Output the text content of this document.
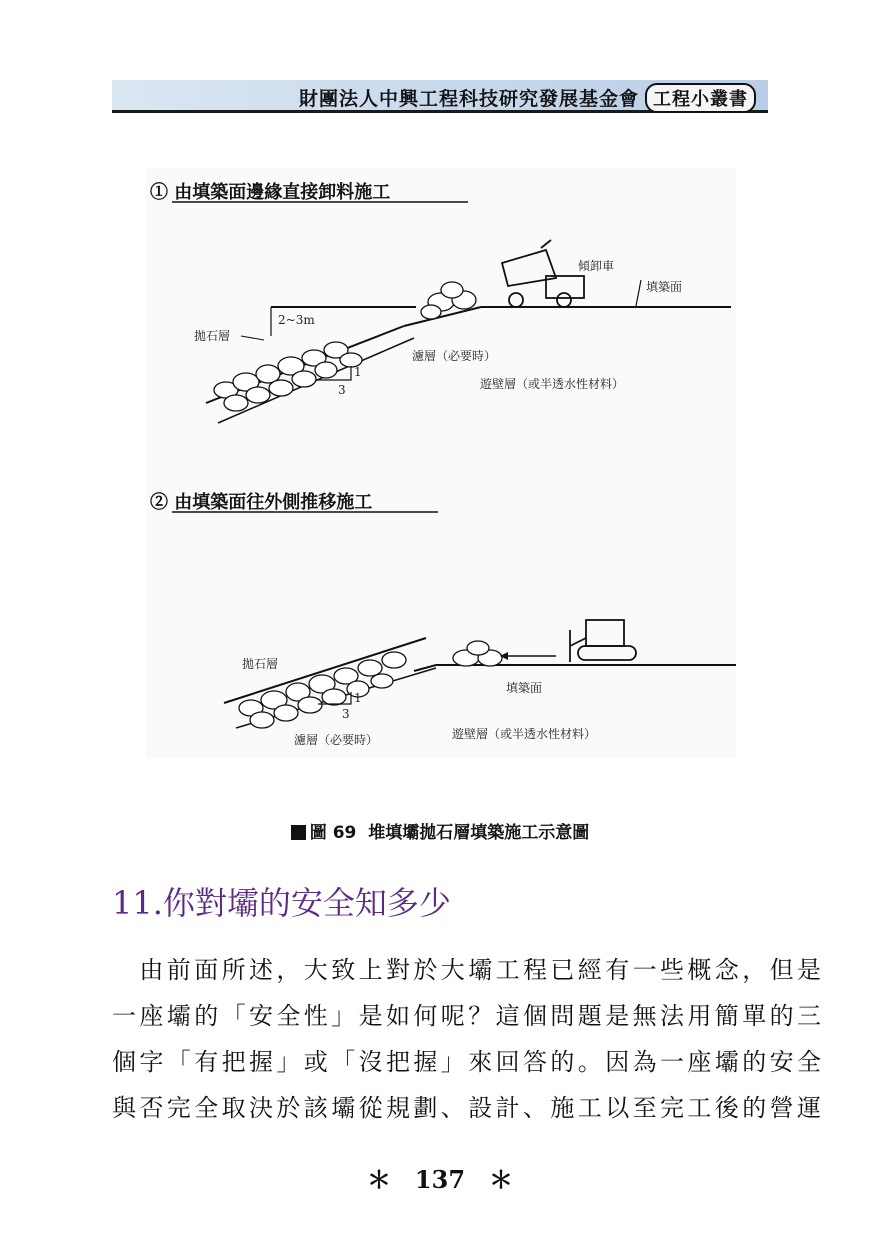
財團法人中興工程科技研究發展基金會 工程小叢書
① 由填築面邊緣直接卸料施工
傾卸車
填築面
2~3m
拋石層
3
1
濾層（必要時）
遊壁層（或半透水性材料）
② 由填築面往外側推移施工
拋石層
填築面
3
1
濾層（必要時）	遊壁層（或半透水性材料）
圖 69 堆填壩拋石層填築施工示意圖
11.你對壩的安全知多少
　由前面所述，大致上對於大壩工程已經有一些概念，但是
一座壩的「安全性」是如何呢？這個問題是無法用簡單的三
個字「有把握」或「沒把握」來回答的。因為一座壩的安全
與否完全取決於該壩從規劃、設計、施工以至完工後的營運
＊　137　＊
